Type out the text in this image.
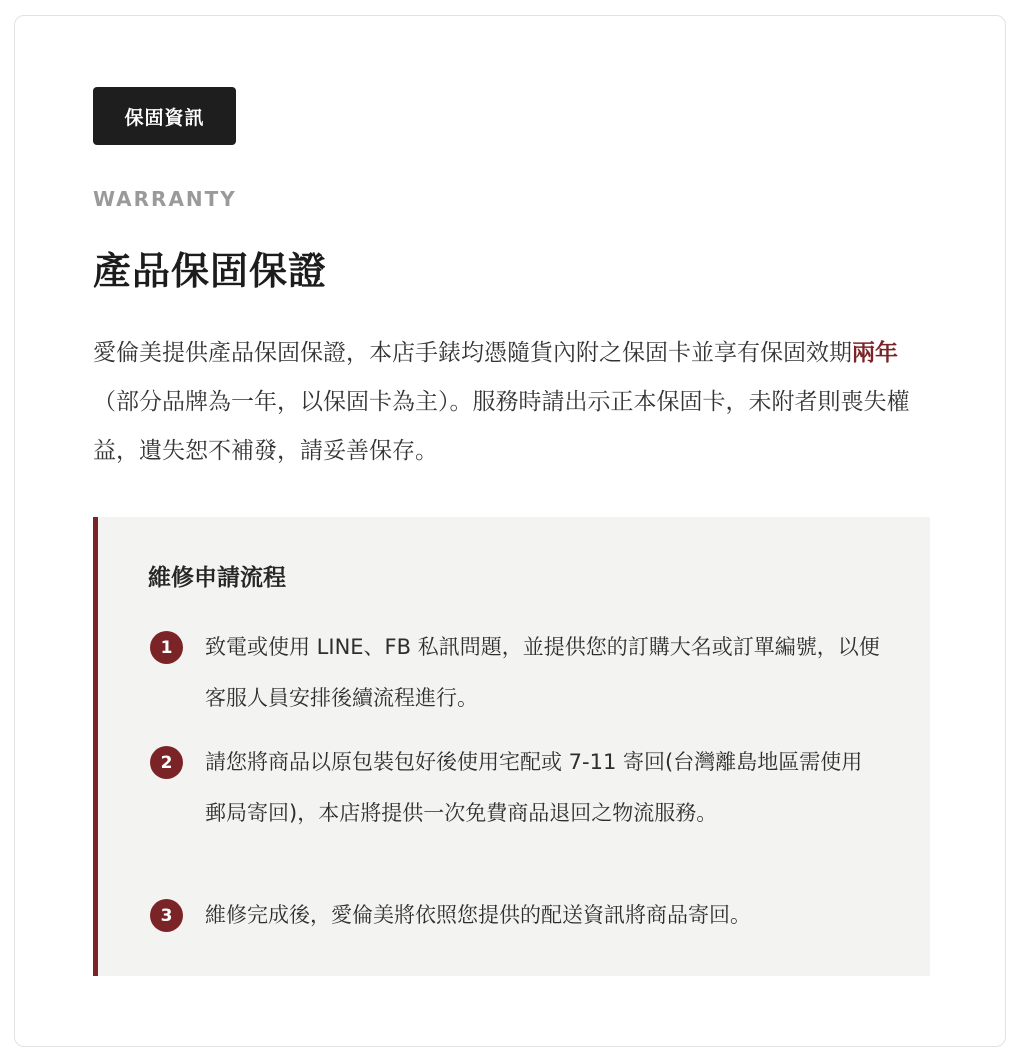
保固資訊
WARRANTY
產品保固保證

愛倫美提供產品保固保證，本店手錶均憑隨貨內附之保固卡並享有保固效期兩年（部分品牌為一年，以保固卡為主）。服務時請出示正本保固卡，未附者則喪失權益，遺失恕不補發，請妥善保存。

維修申請流程
1	致電或使用 LINE、FB 私訊問題，並提供您的訂購大名或訂單編號，以便客服人員安排後續流程進行。

2	請您將商品以原包裝包好後使用宅配或 7-11 寄回(台灣離島地區需使用郵局寄回)，本店將提供一次免費商品退回之物流服務。

3	維修完成後，愛倫美將依照您提供的配送資訊將商品寄回。
